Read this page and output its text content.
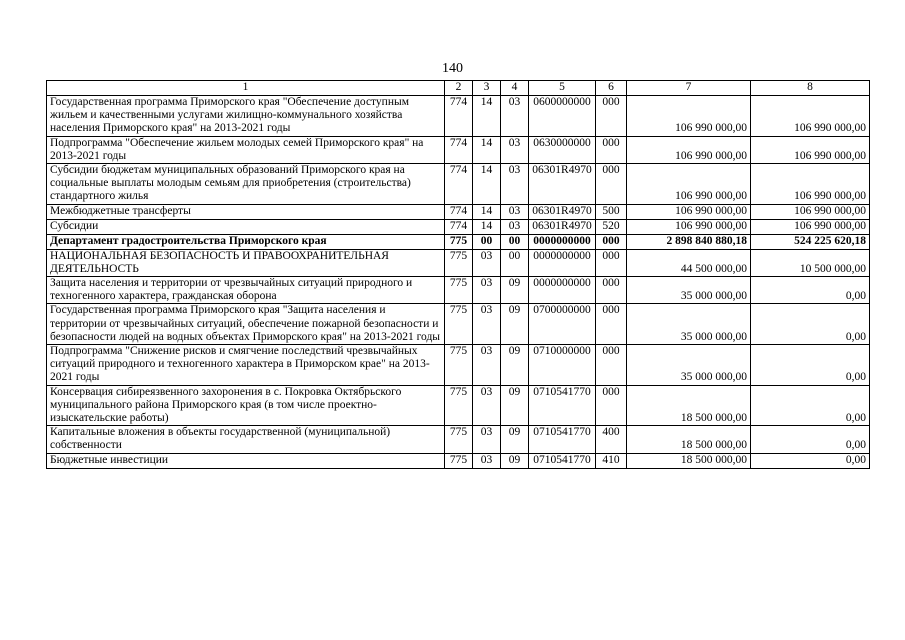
140
1	2	3	4	5	6	7	8
Государственная программа Приморского края "Обеспечение доступным жильем и качественными услугами жилищно-коммунального хозяйства населения Приморского края" на 2013-2021 годы	774	14	03	0600000000	000	106 990 000,00	106 990 000,00
Подпрограмма "Обеспечение жильем молодых семей Приморского края" на 2013-2021 годы	774	14	03	0630000000	000	106 990 000,00	106 990 000,00
Субсидии бюджетам муниципальных образований Приморского края на социальные выплаты молодым семьям для приобретения (строительства) стандартного жилья	774	14	03	06301R4970	000	106 990 000,00	106 990 000,00
Межбюджетные трансферты	774	14	03	06301R4970	500	106 990 000,00	106 990 000,00
Субсидии	774	14	03	06301R4970	520	106 990 000,00	106 990 000,00
Департамент градостроительства Приморского края	775	00	00	0000000000	000	2 898 840 880,18	524 225 620,18
НАЦИОНАЛЬНАЯ БЕЗОПАСНОСТЬ И ПРАВООХРАНИТЕЛЬНАЯ ДЕЯТЕЛЬНОСТЬ	775	03	00	0000000000	000	44 500 000,00	10 500 000,00
Защита населения и территории от чрезвычайных ситуаций природного и техногенного характера, гражданская оборона	775	03	09	0000000000	000	35 000 000,00	0,00
Государственная программа Приморского края "Защита населения и территории от чрезвычайных ситуаций, обеспечение пожарной безопасности и безопасности людей на водных объектах Приморского края" на 2013-2021 годы	775	03	09	0700000000	000	35 000 000,00	0,00
Подпрограмма "Снижение рисков и смягчение последствий чрезвычайных ситуаций природного и техногенного характера в Приморском крае" на 2013-2021 годы	775	03	09	0710000000	000	35 000 000,00	0,00
Консервация сибиреязвенного захоронения в с. Покровка Октябрьского муниципального района Приморского края (в том числе проектно-изыскательские работы)	775	03	09	0710541770	000	18 500 000,00	0,00
Капитальные вложения в объекты государственной (муниципальной) собственности	775	03	09	0710541770	400	18 500 000,00	0,00
Бюджетные инвестиции	775	03	09	0710541770	410	18 500 000,00	0,00
